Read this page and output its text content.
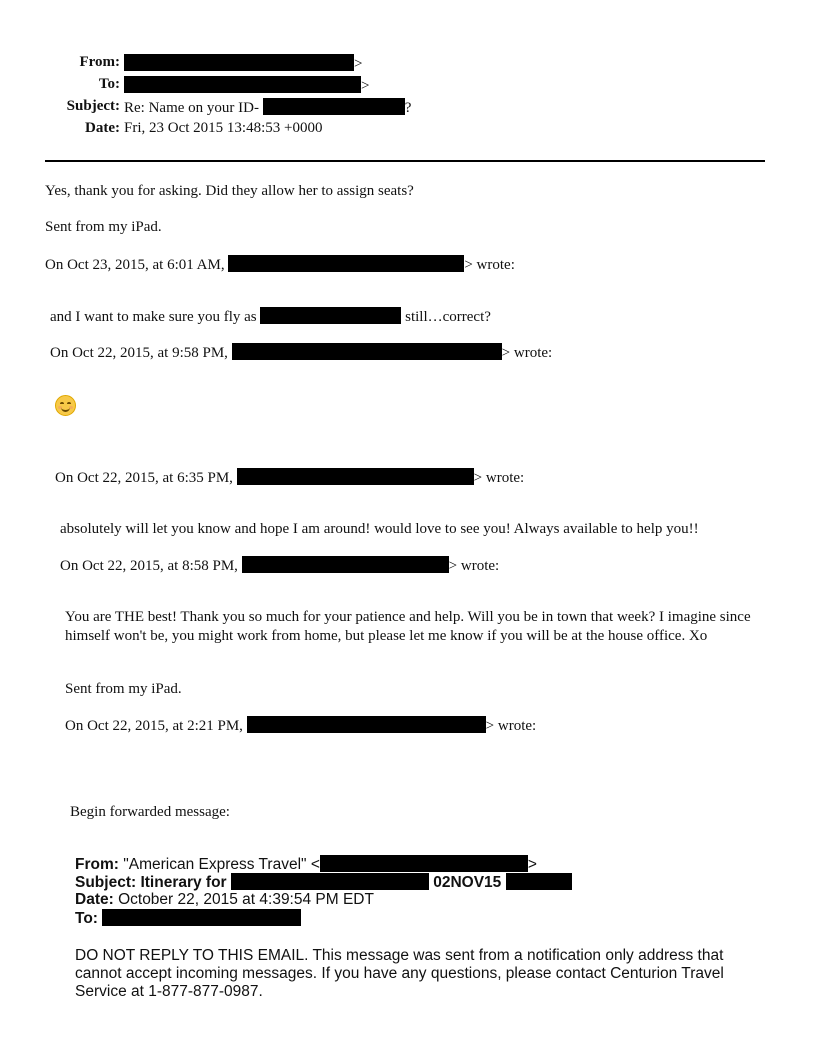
From:	>
To:	>
Subject: Re: Name on your ID-	?
Date: Fri, 23 Oct 2015 13:48:53 +0000
Yes, thank you for asking. Did they allow her to assign seats?
Sent from my iPad.
On Oct 23, 2015, at 6:01 AM,	> wrote:
and I want to make sure you fly as	still…correct?
On Oct 22, 2015, at 9:58 PM,	> wrote:
On Oct 22, 2015, at 6:35 PM,	> wrote:
absolutely will let you know and hope I am around! would love to see you! Always available to help you!!
On Oct 22, 2015, at 8:58 PM,	> wrote:
You are THE best! Thank you so much for your patience and help. Will you be in town that week? I imagine since himself won't be, you might work from home, but please let me know if you will be at the house office. Xo
Sent from my iPad.
On Oct 22, 2015, at 2:21 PM,	> wrote:
Begin forwarded message:
From: "American Express Travel" <	>
Subject: Itinerary for	02NOV15
Date: October 22, 2015 at 4:39:54 PM EDT
To:
DO NOT REPLY TO THIS EMAIL. This message was sent from a notification only address that cannot accept incoming messages. If you have any questions, please contact Centurion Travel Service at 1-877-877-0987.
